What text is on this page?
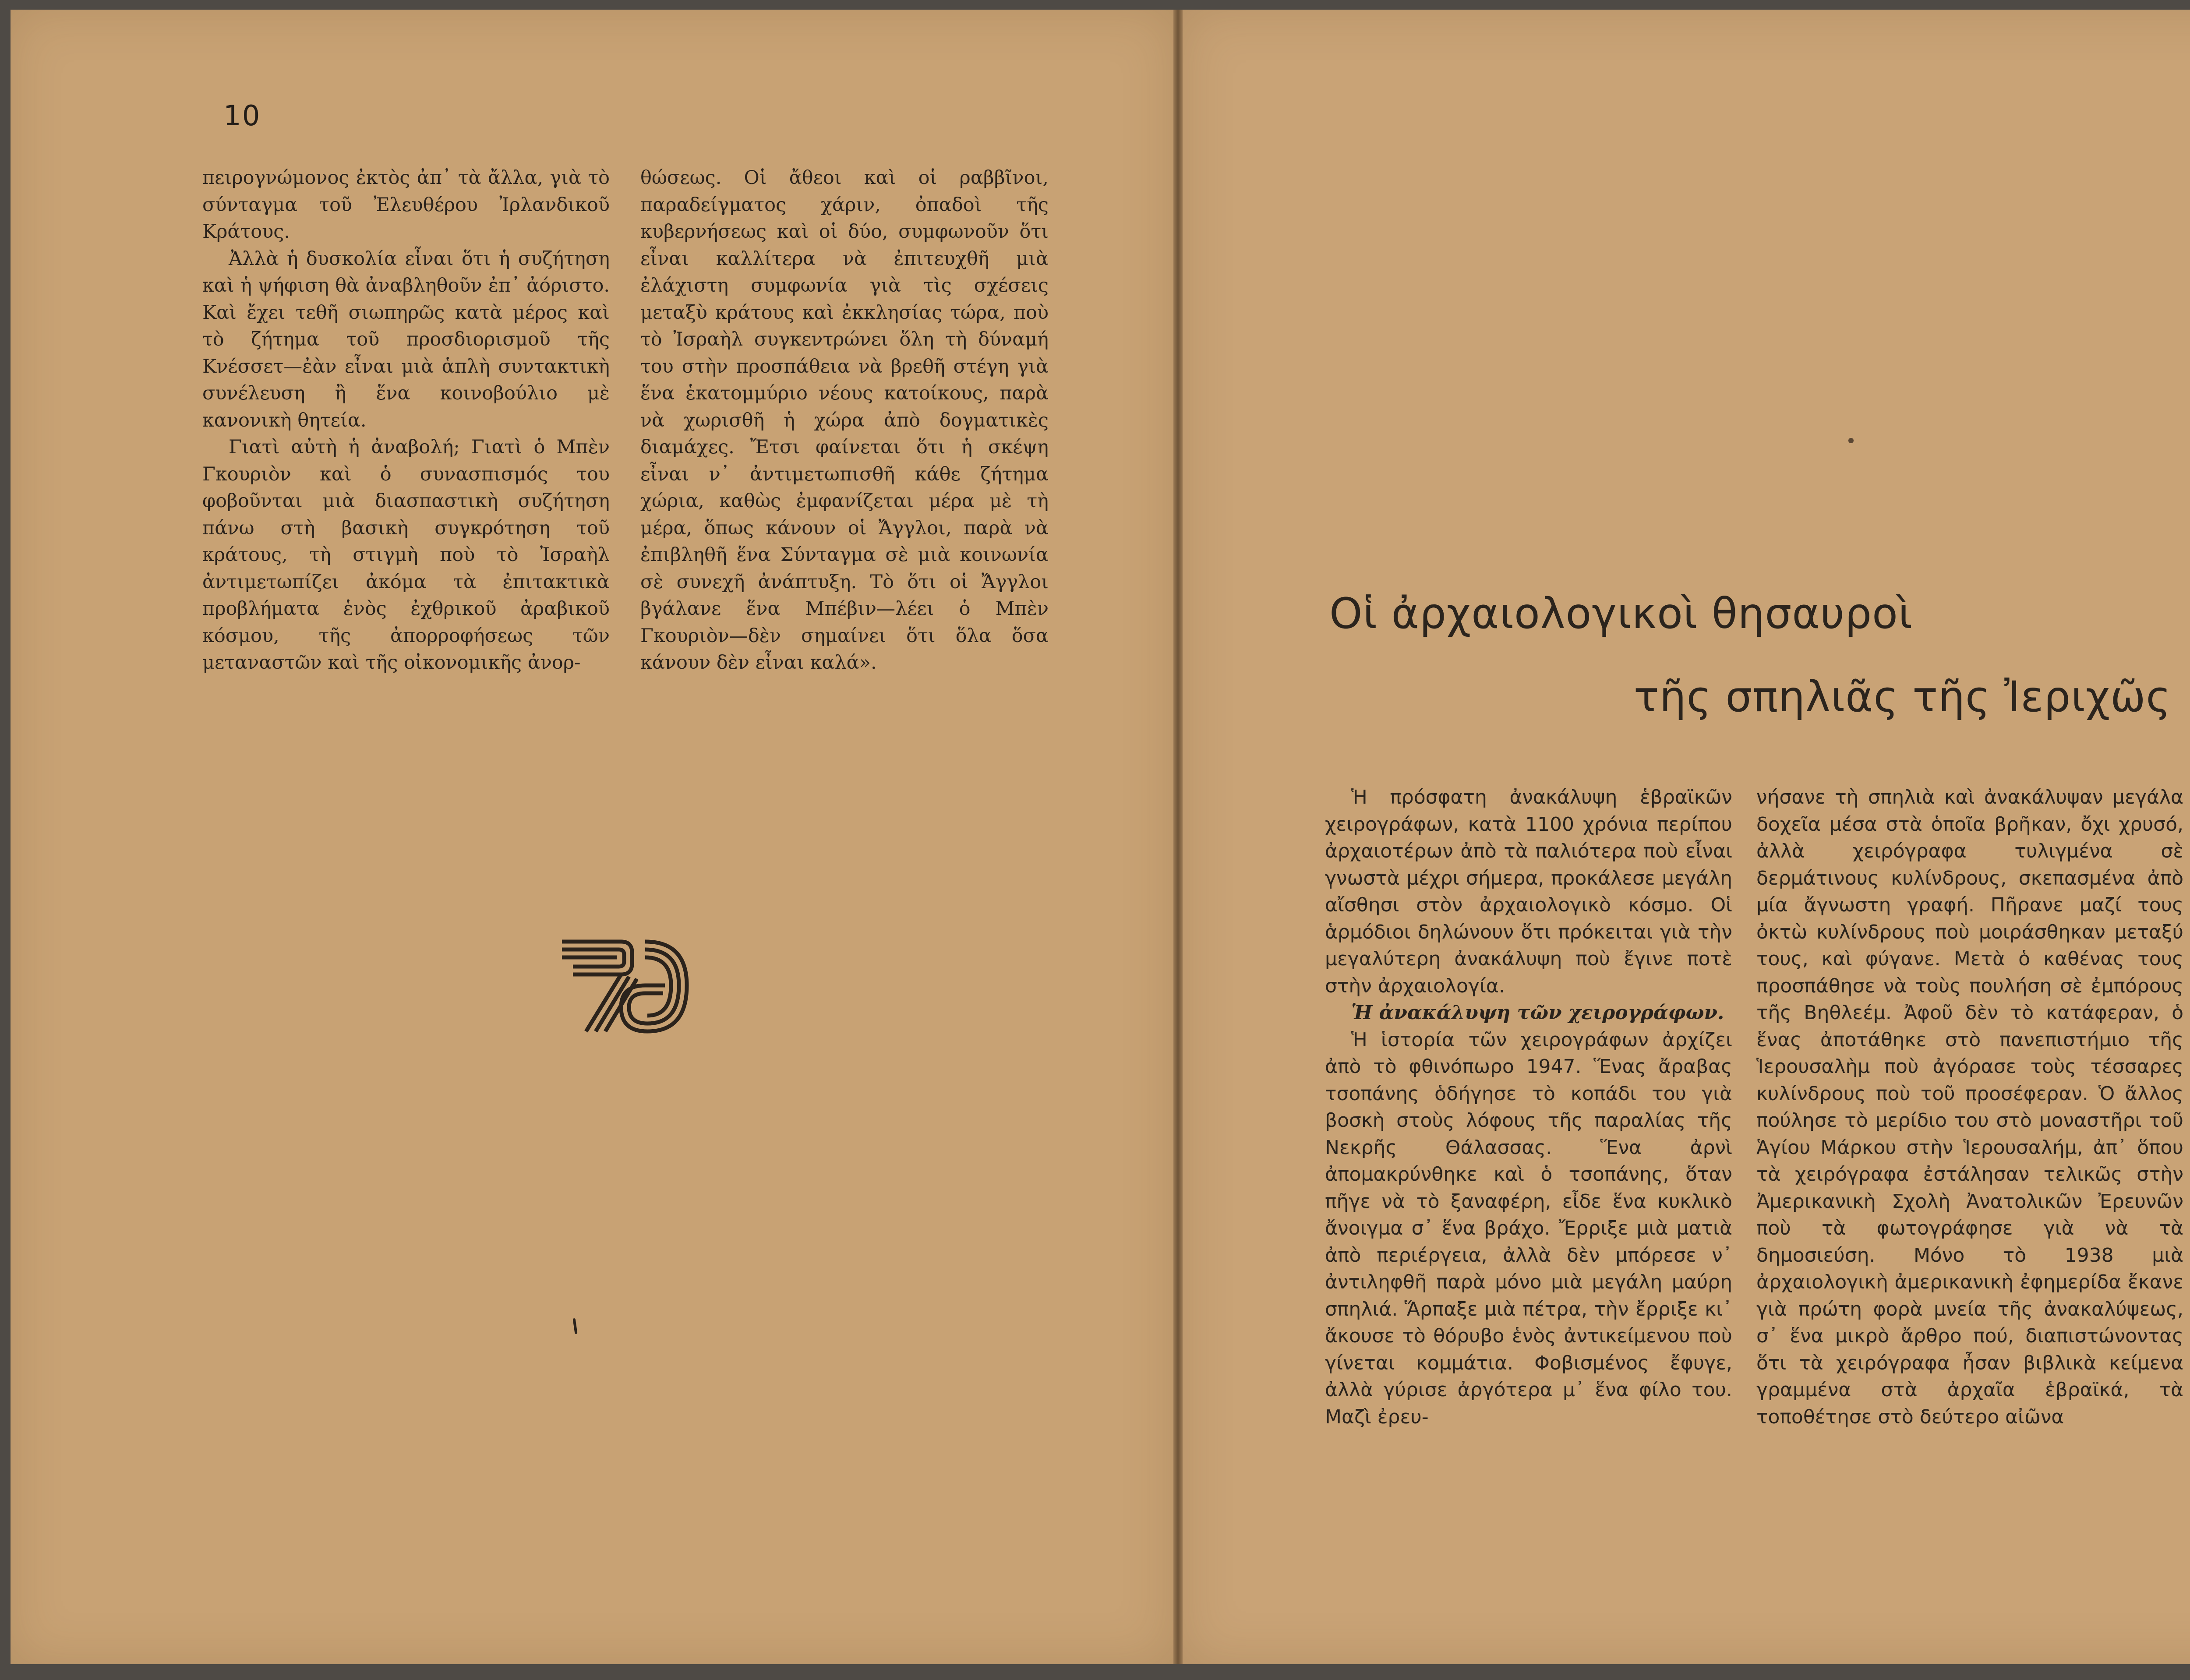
10

πειρογνώμονος ἐκτὸς ἀπ᾿ τὰ ἄλλα, γιὰ τὸ σύνταγμα τοῦ Ἐλευθέρου Ἰρλανδικοῦ Κράτους.

Ἀλλὰ ἡ δυσκολία εἶναι ὅτι ἡ συζήτηση καὶ ἡ ψήφιση θὰ ἀναβληθοῦν ἐπ᾿ ἀόριστο. Καὶ ἔχει τεθῆ σιωπηρῶς κατὰ μέρος καὶ τὸ ζήτημα τοῦ προσδιορισμοῦ τῆς Κνέσσετ—ἐὰν εἶναι μιὰ ἁπλὴ συντακτικὴ συνέλευση ἢ ἕνα κοινοβούλιο μὲ κανονικὴ θητεία.

Γιατὶ αὐτὴ ἡ ἀναβολή; Γιατὶ ὁ Μπὲν Γκουριὸν καὶ ὁ συνασπισμός του φοβοῦνται μιὰ διασπαστικὴ συζήτηση πάνω στὴ βασικὴ συγκρότηση τοῦ κράτους, τὴ στιγμὴ ποὺ τὸ Ἰσραὴλ ἀντιμετωπίζει ἀκόμα τὰ ἐπιτακτικὰ προβλήματα ἑνὸς ἐχθρικοῦ ἀραβικοῦ κόσμου, τῆς ἀπορροφήσεως τῶν μεταναστῶν καὶ τῆς οἰκονομικῆς ἀνορ-

θώσεως. Οἱ ἄθεοι καὶ οἱ ραββῖνοι, παραδείγματος χάριν, ὀπαδοὶ τῆς κυβερνήσεως καὶ οἱ δύο, συμφωνοῦν ὅτι εἶναι καλλίτερα νὰ ἐπιτευχθῆ μιὰ ἐλάχιστη συμφωνία γιὰ τὶς σχέσεις μεταξὺ κράτους καὶ ἐκκλησίας τώρα, ποὺ τὸ Ἰσραὴλ συγκεντρώνει ὅλη τὴ δύναμή του στὴν προσπάθεια νὰ βρεθῆ στέγη γιὰ ἕνα ἑκατομμύριο νέους κατοίκους, παρὰ νὰ χωρισθῆ ἡ χώρα ἀπὸ δογματικὲς διαμάχες. Ἔτσι φαίνεται ὅτι ἡ σκέψη εἶναι ν᾿ ἀντιμετωπισθῆ κάθε ζήτημα χώρια, καθὼς ἐμφανίζεται μέρα μὲ τὴ μέρα, ὅπως κάνουν οἱ Ἄγγλοι, παρὰ νὰ ἐπιβληθῆ ἕνα Σύνταγμα σὲ μιὰ κοινωνία σὲ συνεχῆ ἀνάπτυξη. Τὸ ὅτι οἱ Ἄγγλοι βγάλανε ἕνα Μπέβιν—λέει ὁ Μπὲν Γκουριὸν—δὲν σημαίνει ὅτι ὅλα ὅσα κάνουν δὲν εἶναι καλά».

Οἱ ἀρχαιολογικοὶ θησαυροὶ
τῆς σπηλιᾶς τῆς Ἰεριχῶς

Ἡ πρόσφατη ἀνακάλυψη ἑβραϊκῶν χειρογράφων, κατὰ 1100 χρόνια περίπου ἀρχαιοτέρων ἀπὸ τὰ παλιότερα ποὺ εἶναι γνωστὰ μέχρι σήμερα, προκάλεσε μεγάλη αἴσθησι στὸν ἀρχαιολογικὸ κόσμο. Οἱ ἁρμόδιοι δηλώνουν ὅτι πρόκειται γιὰ τὴν μεγαλύτερη ἀνακάλυψη ποὺ ἔγινε ποτὲ στὴν ἀρχαιολογία.

Ἡ ἀνακάλυψη τῶν χειρογράφων.

Ἡ ἱστορία τῶν χειρογράφων ἀρχίζει ἀπὸ τὸ φθινόπωρο 1947. Ἕνας ἄραβας τσοπάνης ὁδήγησε τὸ κοπάδι του γιὰ βοσκὴ στοὺς λόφους τῆς παραλίας τῆς Νεκρῆς Θάλασσας. Ἕνα ἀρνὶ ἀπομακρύνθηκε καὶ ὁ τσοπάνης, ὅταν πῆγε νὰ τὸ ξαναφέρη, εἶδε ἕνα κυκλικὸ ἄνοιγμα σ᾿ ἕνα βράχο. Ἔρριξε μιὰ ματιὰ ἀπὸ περιέργεια, ἀλλὰ δὲν μπόρεσε ν᾿ ἀντιληφθῆ παρὰ μόνο μιὰ μεγάλη μαύρη σπηλιά. Ἅρπαξε μιὰ πέτρα, τὴν ἔρριξε κι᾿ ἄκουσε τὸ θόρυβο ἑνὸς ἀντικείμενου ποὺ γίνεται κομμάτια. Φοβισμένος ἔφυγε, ἀλλὰ γύρισε ἀργότερα μ᾿ ἕνα φίλο του. Μαζὶ ἐρευ-

νήσανε τὴ σπηλιὰ καὶ ἀνακάλυψαν μεγάλα δοχεῖα μέσα στὰ ὁποῖα βρῆκαν, ὄχι χρυσό, ἀλλὰ χειρόγραφα τυλιγμένα σὲ δερμάτινους κυλίνδρους, σκεπασμένα ἀπὸ μία ἄγνωστη γραφή. Πῆρανε μαζί τους ὀκτὼ κυλίνδρους ποὺ μοιράσθηκαν μεταξύ τους, καὶ φύγανε. Μετὰ ὁ καθένας τους προσπάθησε νὰ τοὺς πουλήση σὲ ἐμπόρους τῆς Βηθλεέμ. Ἀφοῦ δὲν τὸ κατάφεραν, ὁ ἕνας ἀποτάθηκε στὸ πανεπιστήμιο τῆς Ἱερουσαλὴμ ποὺ ἀγόρασε τοὺς τέσσαρες κυλίνδρους ποὺ τοῦ προσέφεραν. Ὁ ἄλλος πούλησε τὸ μερίδιο του στὸ μοναστῆρι τοῦ Ἁγίου Μάρκου στὴν Ἱερουσαλήμ, ἀπ᾿ ὅπου τὰ χειρόγραφα ἐστάλησαν τελικῶς στὴν Ἀμερικανικὴ Σχολὴ Ἀνατολικῶν Ἐρευνῶν ποὺ τὰ φωτογράφησε γιὰ νὰ τὰ δημοσιεύση. Μόνο τὸ 1938 μιὰ ἀρχαιολογικὴ ἀμερικανικὴ ἐφημερίδα ἔκανε γιὰ πρώτη φορὰ μνεία τῆς ἀνακαλύψεως, σ᾿ ἕνα μικρὸ ἄρθρο πού, διαπιστώνοντας ὅτι τὰ χειρόγραφα ἦσαν βιβλικὰ κείμενα γραμμένα στὰ ἀρχαῖα ἑβραϊκά, τὰ τοποθέτησε στὸ δεύτερο αἰῶνα
